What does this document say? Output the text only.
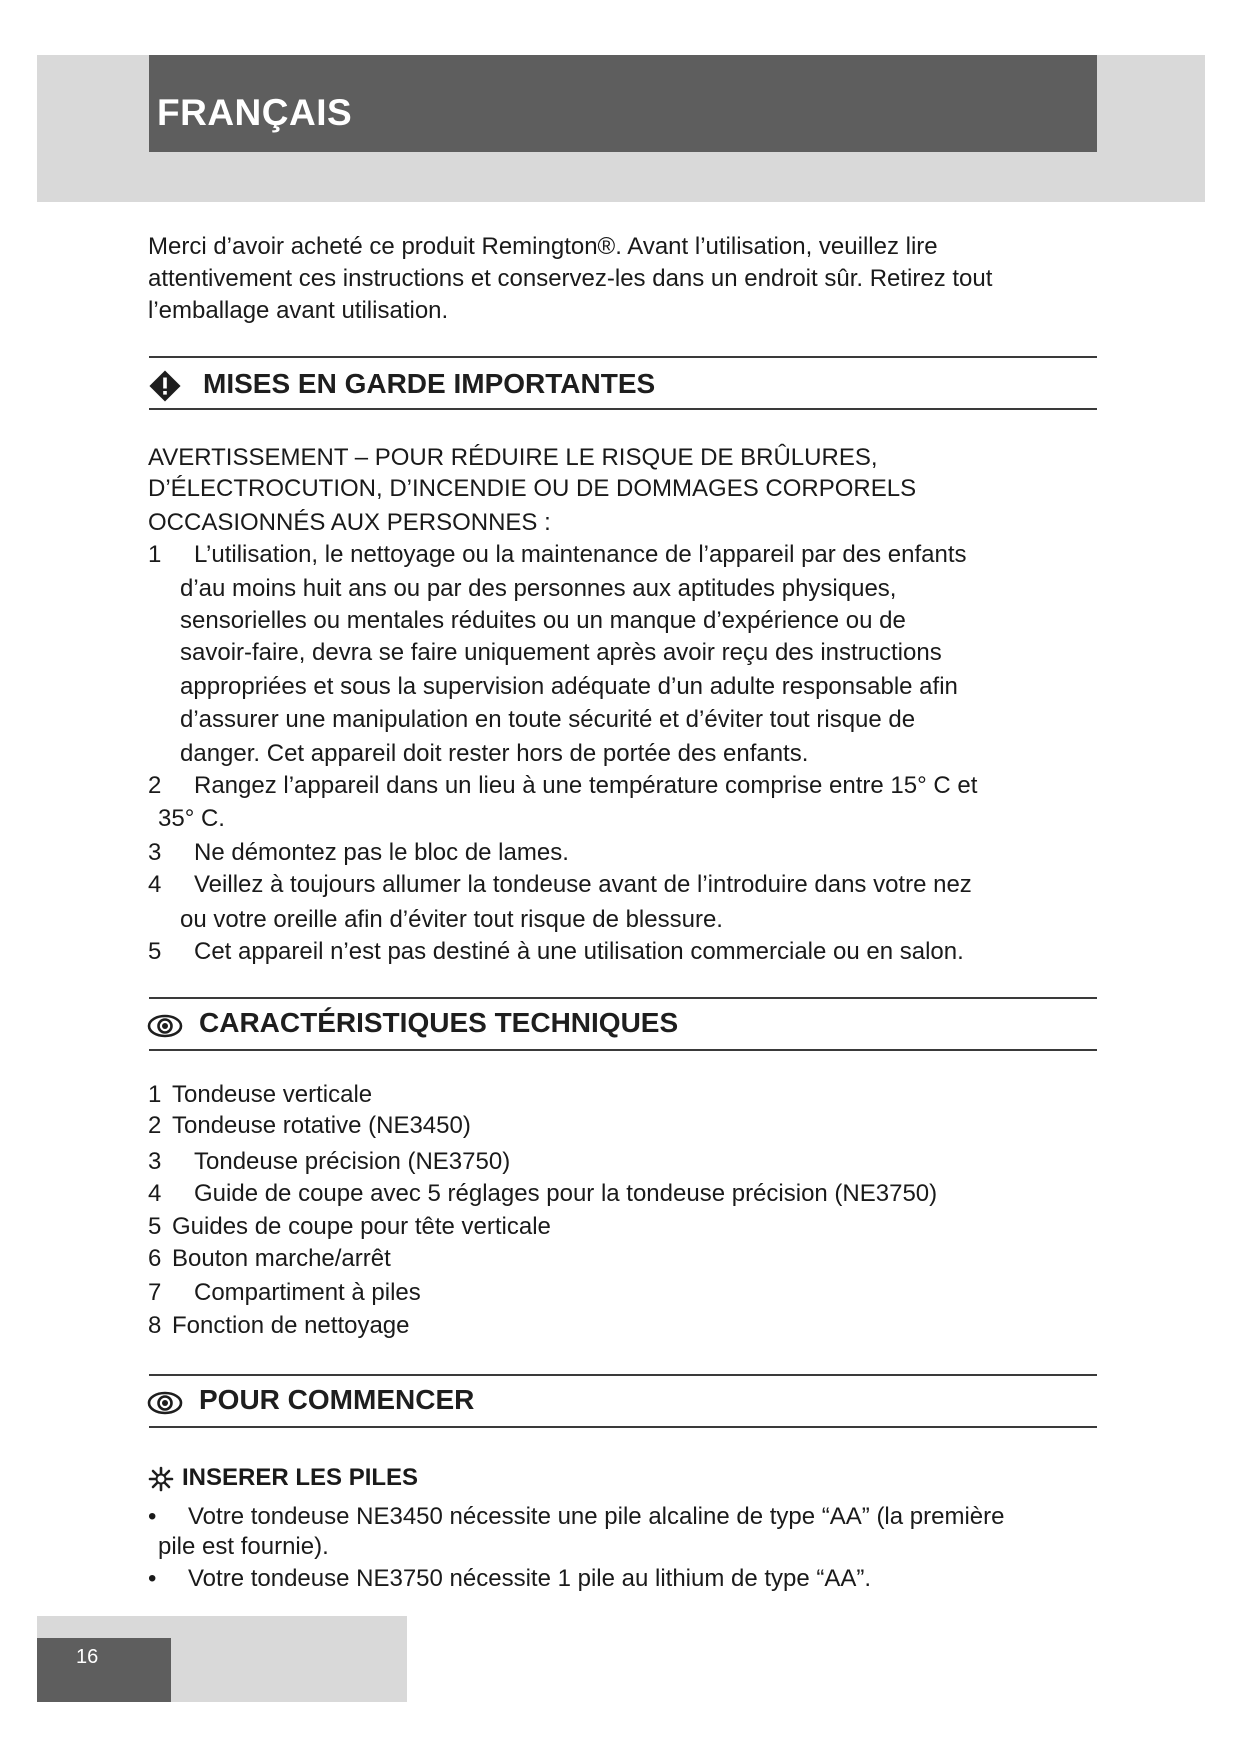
FRANÇAIS
Merci d’avoir acheté ce produit Remington®. Avant l’utilisation, veuillez lire
attentivement ces instructions et conservez-les dans un endroit sûr. Retirez tout
l’emballage avant utilisation.
MISES EN GARDE IMPORTANTES
AVERTISSEMENT – POUR RÉDUIRE LE RISQUE DE BRÛLURES,
D’ÉLECTROCUTION, D’INCENDIE OU DE DOMMAGES CORPORELS
OCCASIONNÉS AUX PERSONNES :
1 L’utilisation, le nettoyage ou la maintenance de l’appareil par des enfants
d’au moins huit ans ou par des personnes aux aptitudes physiques,
sensorielles ou mentales réduites ou un manque d’expérience ou de
savoir-faire, devra se faire uniquement après avoir reçu des instructions
appropriées et sous la supervision adéquate d’un adulte responsable afin
d’assurer une manipulation en toute sécurité et d’éviter tout risque de
danger. Cet appareil doit rester hors de portée des enfants.
2 Rangez l’appareil dans un lieu à une température comprise entre 15° C et
35° C.
3 Ne démontez pas le bloc de lames.
4 Veillez à toujours allumer la tondeuse avant de l’introduire dans votre nez
ou votre oreille afin d’éviter tout risque de blessure.
5 Cet appareil n’est pas destiné à une utilisation commerciale ou en salon.
CARACTÉRISTIQUES TECHNIQUES
1 Tondeuse verticale
2 Tondeuse rotative (NE3450)
3 Tondeuse précision (NE3750)
4 Guide de coupe avec 5 réglages pour la tondeuse précision (NE3750)
5 Guides de coupe pour tête verticale
6 Bouton marche/arrêt
7 Compartiment à piles
8 Fonction de nettoyage
POUR COMMENCER
INSERER LES PILES
• Votre tondeuse NE3450 nécessite une pile alcaline de type “AA” (la première
pile est fournie).
• Votre tondeuse NE3750 nécessite 1 pile au lithium de type “AA”.
16
